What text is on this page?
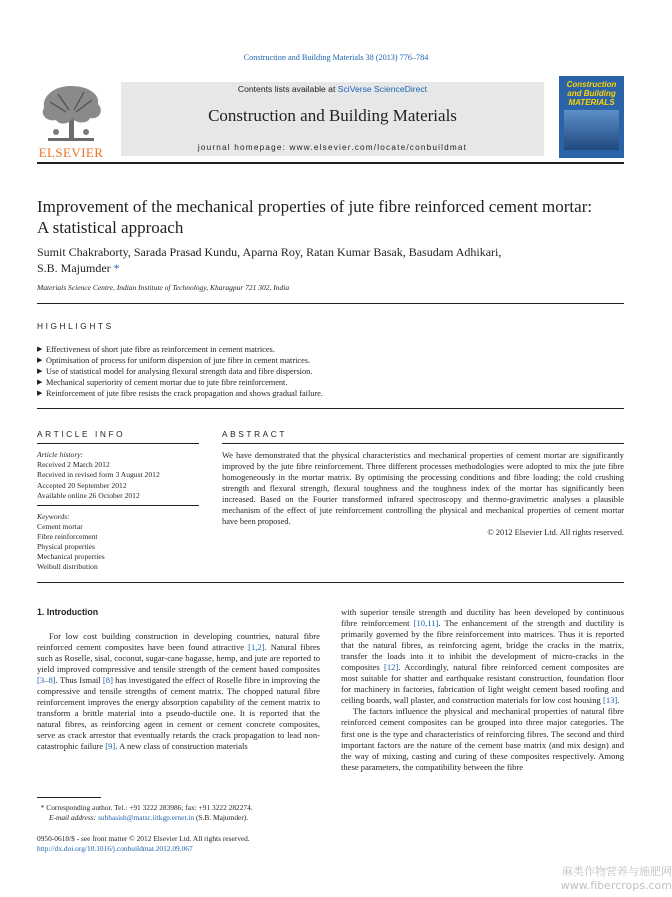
Construction and Building Materials 38 (2013) 776–784
ELSEVIER
Contents lists available at SciVerse ScienceDirect
Construction and Building Materials
journal homepage: www.elsevier.com/locate/conbuildmat
Construction and Building MATERIALS
Improvement of the mechanical properties of jute fibre reinforced cement mortar:
A statistical approach
Sumit Chakraborty, Sarada Prasad Kundu, Aparna Roy, Ratan Kumar Basak, Basudam Adhikari,
S.B. Majumder *
Materials Science Centre, Indian Institute of Technology, Kharagpur 721 302, India
HIGHLIGHTS
▶ Effectiveness of short jute fibre as reinforcement in cement matrices.
▶ Optimisation of process for uniform dispersion of jute fibre in cement matrices.
▶ Use of statistical model for analysing flexural strength data and fibre dispersion.
▶ Mechanical superiority of cement mortar due to jute fibre reinforcement.
▶ Reinforcement of jute fibre resists the crack propagation and shows gradual failure.
ARTICLE INFO
Article history:
Received 2 March 2012
Received in revised form 3 August 2012
Accepted 20 September 2012
Available online 26 October 2012
Keywords:
Cement mortar
Fibre reinforcement
Physical properties
Mechanical properties
Weibull distribution
ABSTRACT
We have demonstrated that the physical characteristics and mechanical properties of cement mortar are significantly improved by the jute fibre reinforcement. Three different processes methodologies were adopted to mix the jute fibre homogeneously in the mortar matrix. By optimising the processing conditions and fibre loading; the cold crushing strength and flexural strength, flexural toughness and the toughness index of the mortar has significantly been increased. Based on the Fourier transformed infrared spectroscopy and thermo-gravimetric analyses a plausible mechanism of the effect of jute reinforcement controlling the physical and mechanical properties of cement mortar have been proposed.
© 2012 Elsevier Ltd. All rights reserved.
1. Introduction

For low cost building construction in developing countries, natural fibre reinforced cement composites have been found attractive [1,2]. Natural fibres such as Roselle, sisal, coconut, sugar-cane bagasse, hemp, and jute are reported to yield improved compressive and tensile strength of the cement based composites [3–8]. Thus Ismail [8] has investigated the effect of Roselle fibre in improving the compressive and tensile strengths of cement matrix. The chopped natural fibre reinforcement improves the energy absorption capability of the cement matrix to transform a brittle material into a pseudo-ductile one. It is reported that the natural fibres, as reinforcing agent in cement or cement concrete composites, serve as crack arrestor that eventually retards the crack propagation to lead non-catastrophic failure [9]. A new class of construction materials

with superior tensile strength and ductility has been developed by continuous fibre reinforcement [10,11]. The enhancement of the strength and ductility is primarily governed by the fibre reinforcement into matrices. Thus it is reported that the natural fibres, as reinforcing agent, bridge the cracks in the matrix, transfer the loads into it to inhibit the development of micro-cracks in the composites [12]. Accordingly, natural fibre reinforced cement composites are most suitable for shatter and earthquake resistant construction, foundation floor for machinery in factories, fabrication of light weight cement based roofing and ceiling boards, wall plaster, and construction materials for low cost housing [13].

The factors influence the physical and mechanical properties of natural fibre reinforced cement composites can be grouped into three major categories. The first one is the type and characteristics of reinforcing fibres. The second and third important factors are the nature of the cement base matrix (and mix design) and the way of mixing, casting and curing of these composites respectively. Among these parameters, the compatibility between the fibre

* Corresponding author. Tel.: +91 3222 283986; fax: +91 3222 282274.
E-mail address: subhasish@matsc.iitkgp.ernet.in (S.B. Majumder).
0950-0618/$ - see front matter © 2012 Elsevier Ltd. All rights reserved.
http://dx.doi.org/10.1016/j.conbuildmat.2012.09.067
麻类作物营养与施肥网
www.fibercrops.com
